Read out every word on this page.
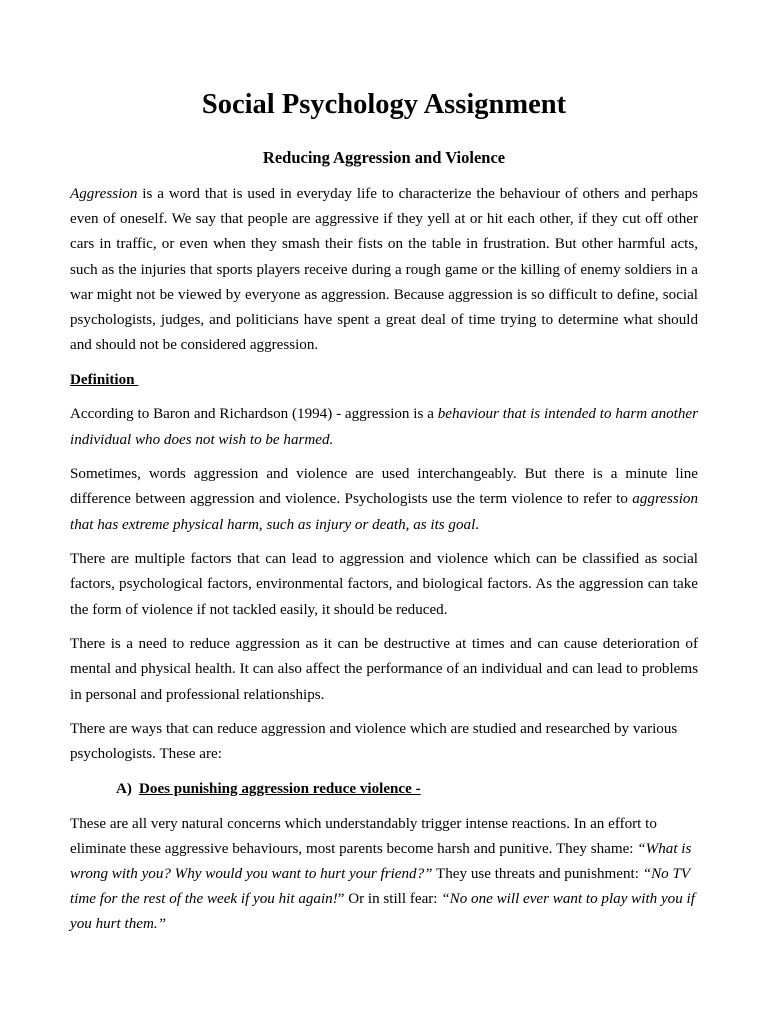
Social Psychology Assignment
Reducing Aggression and Violence

Aggression is a word that is used in everyday life to characterize the behaviour of others and perhaps even of oneself. We say that people are aggressive if they yell at or hit each other, if they cut off other cars in traffic, or even when they smash their fists on the table in frustration. But other harmful acts, such as the injuries that sports players receive during a rough game or the killing of enemy soldiers in a war might not be viewed by everyone as aggression. Because aggression is so difficult to define, social psychologists, judges, and politicians have spent a great deal of time trying to determine what should and should not be considered aggression.

Definition

According to Baron and Richardson (1994) - aggression is a behaviour that is intended to harm another individual who does not wish to be harmed.

Sometimes, words aggression and violence are used interchangeably. But there is a minute line difference between aggression and violence. Psychologists use the term violence to refer to aggression that has extreme physical harm, such as injury or death, as its goal.

There are multiple factors that can lead to aggression and violence which can be classified as social factors, psychological factors, environmental factors, and biological factors. As the aggression can take the form of violence if not tackled easily, it should be reduced.

There is a need to reduce aggression as it can be destructive at times and can cause deterioration of mental and physical health. It can also affect the performance of an individual and can lead to problems in personal and professional relationships.

There are ways that can reduce aggression and violence which are studied and researched by various psychologists. These are:

A) Does punishing aggression reduce violence -

These are all very natural concerns which understandably trigger intense reactions. In an effort to eliminate these aggressive behaviours, most parents become harsh and punitive. They shame: “What is wrong with you? Why would you want to hurt your friend?” They use threats and punishment: “No TV time for the rest of the week if you hit again!” Or in still fear: “No one will ever want to play with you if you hurt them.”
